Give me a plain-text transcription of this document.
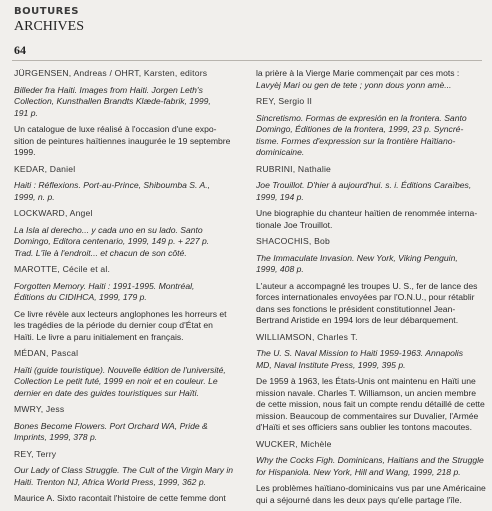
BOUTURES
ARCHIVES
64
JÜRGENSEN, Andreas / OHRT, Karsten, editors
Billeder fra Haiti. Images from Haiti. Jorgen Leth's
Collection, Kunsthallen Brandts Klæde-fabrik, 1999,
191 p.
Un catalogue de luxe réalisé à l'occasion d'une expo-
sition de peintures haïtiennes inaugurée le 19 septembre
1999.
KEDAR, Daniel
Haiti : Réflexions. Port-au-Prince, Shiboumba S. A.,
1999, n. p.
LOCKWARD, Angel
La Isla al derecho... y cada uno en su lado. Santo
Domingo, Editora centenario, 1999, 149 p. + 227 p.
Trad. L'île à l'endroit... et chacun de son côté.
MAROTTE, Cécile et al.
Forgotten Memory. Haiti : 1991-1995. Montréal,
Éditions du CIDIHCA, 1999, 179 p.
Ce livre révèle aux lecteurs anglophones les horreurs et
les tragédies de la période du dernier coup d'État en
Haïti. Le livre a paru initialement en français.
MÉDAN, Pascal
Haïti (guide touristique). Nouvelle édition de l'université,
Collection Le petit futé, 1999 en noir et en couleur. Le
dernier en date des guides touristiques sur Haïti.
MWRY, Jess
Bones Become Flowers. Port Orchard WA, Pride &
Imprints, 1999, 378 p.
REY, Terry
Our Lady of Class Struggle. The Cult of the Virgin Mary in
Haiti. Trenton NJ, Africa World Press, 1999, 362 p.
Maurice A. Sixto racontait l'histoire de cette femme dont
la prière à la Vierge Marie commençait par ces mots :
Lavyèj Mari ou gen de tete ; yonn dous yonn amè...
REY, Sergio II
Sincretismo. Formas de expresión en la frontera. Santo
Domingo, Éditiones de la frontera, 1999, 23 p. Syncré-
tisme. Formes d'expression sur la frontière Haïtiano-
dominicaine.
RUBRINI, Nathalie
Joe Trouillot. D'hier à aujourd'hui. s. i. Éditions Caraïbes,
1999, 194 p.
Une biographie du chanteur haïtien de renommée interna-
tionale Joe Trouillot.
SHACOCHIS, Bob
The Immaculate Invasion. New York, Viking Penguin,
1999, 408 p.
L'auteur a accompagné les troupes U. S., fer de lance des
forces internationales envoyées par l'O.N.U., pour rétablir
dans ses fonctions le président constitutionnel Jean-
Bertrand Aristide en 1994 lors de leur débarquement.
WILLIAMSON, Charles T.
The U. S. Naval Mission to Haiti 1959-1963. Annapolis
MD, Naval Institute Press, 1999, 395 p.
De 1959 à 1963, les États-Unis ont maintenu en Haïti une
mission navale. Charles T. Williamson, un ancien membre
de cette mission, nous fait un compte rendu détaillé de cette
mission. Beaucoup de commentaires sur Duvalier, l'Armée
d'Haïti et ses officiers sans oublier les tontons macoutes.
WUCKER, Michèle
Why the Cocks Figh. Dominicans, Haitians and the Struggle
for Hispaniola. New York, Hill and Wang, 1999, 218 p.
Les problèmes haïtiano-dominicains vus par une Américaine
qui a séjourné dans les deux pays qu'elle partage l'île.
